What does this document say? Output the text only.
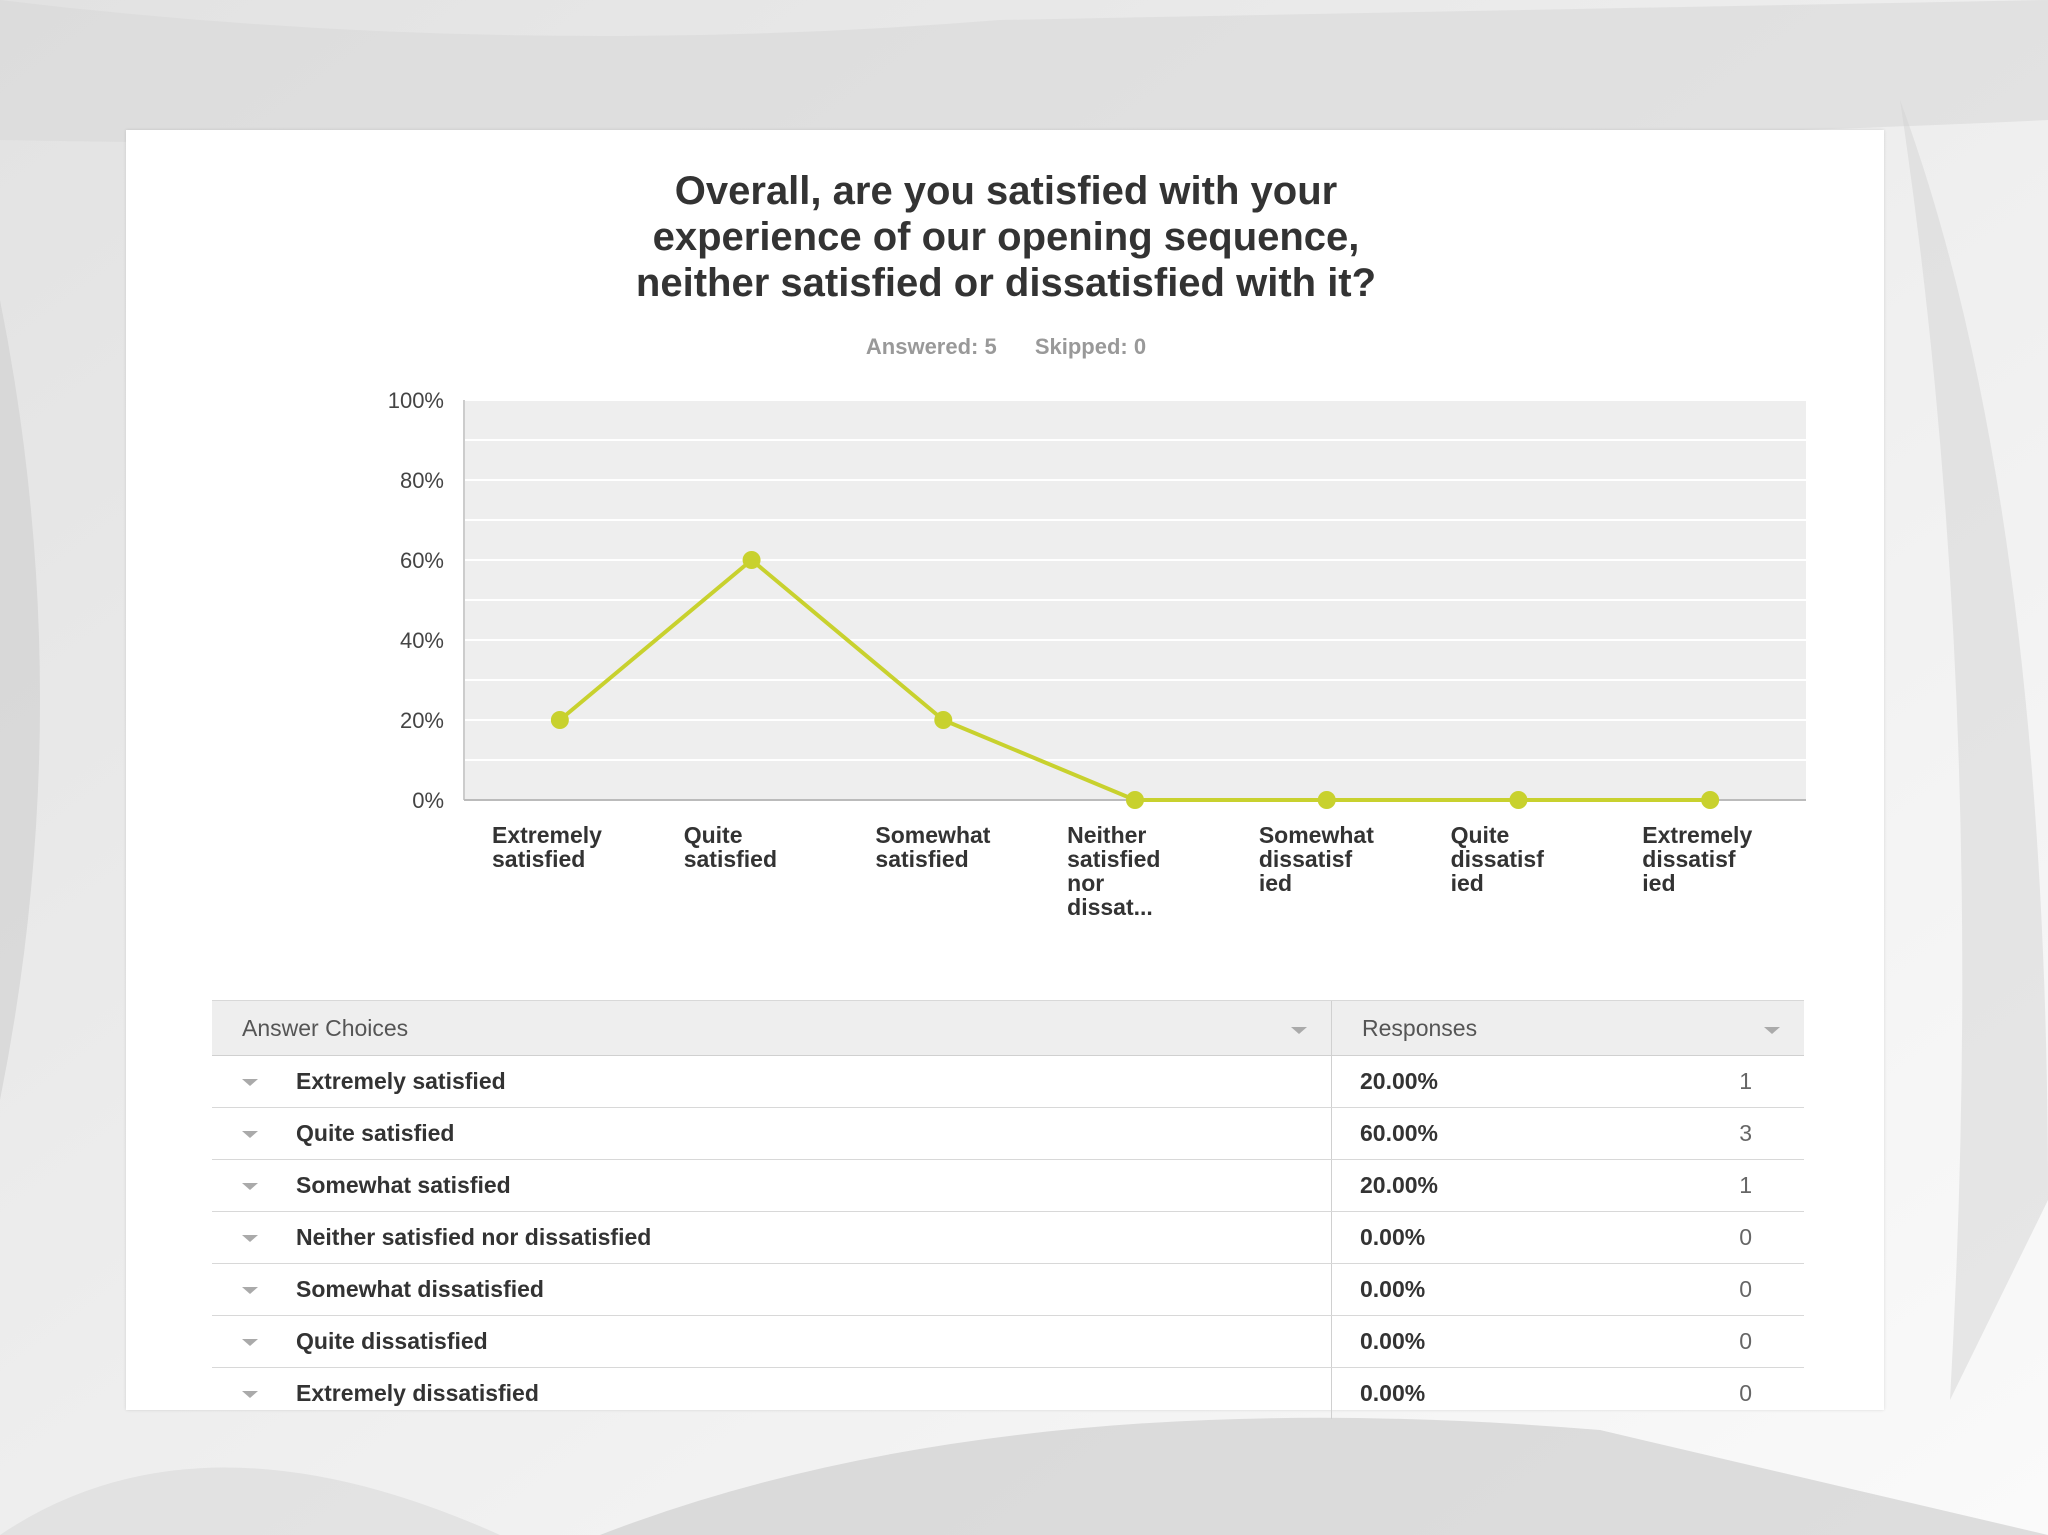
Overall, are you satisfied with your
experience of our opening sequence,
neither satisfied or dissatisfied with it?
Answered: 5 Skipped: 0
0%
20%
40%
60%
80%
100%
Extremely satisfied
Quite satisfied
Somewhat satisfied
Neither satisfied nor dissat...
Somewhat dissatisf ied
Quite dissatisf ied
Extremely dissatisf ied
Answer Choices	Responses	

Extremely satisfied	20.00%	1
Quite satisfied	60.00%	3
Somewhat satisfied	20.00%	1
Neither satisfied nor dissatisfied	0.00%	0
Somewhat dissatisfied	0.00%	0
Quite dissatisfied	0.00%	0
Extremely dissatisfied	0.00%	0
